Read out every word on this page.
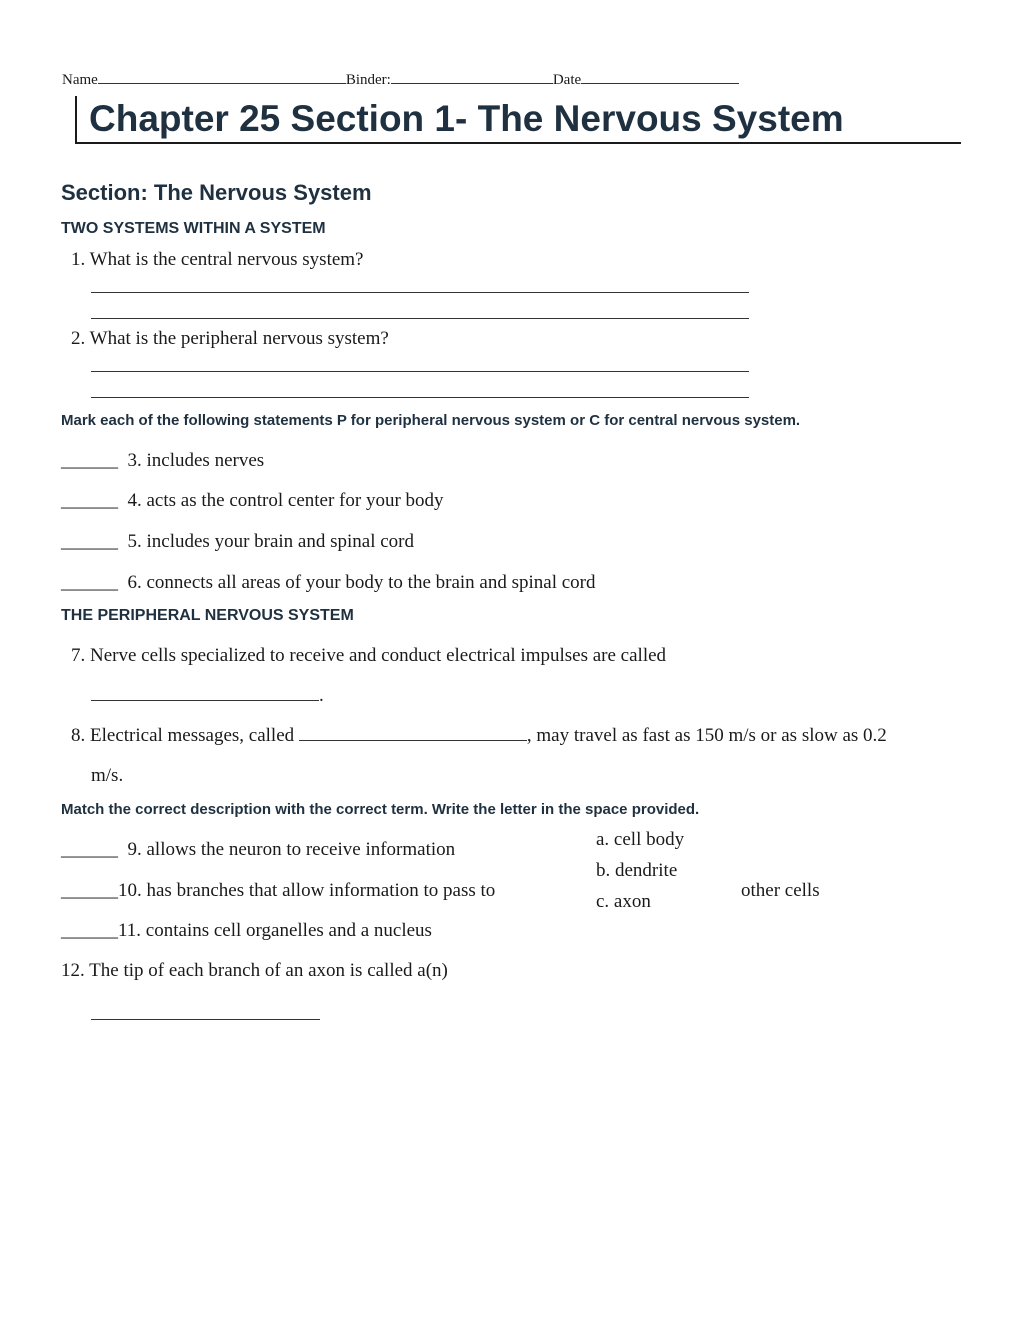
Name	Binder:	Date
Chapter 25 Section 1- The Nervous System
Section: The Nervous System
TWO SYSTEMS WITHIN A SYSTEM
1. What is the central nervous system?
2. What is the peripheral nervous system?
Mark each of the following statements P for peripheral nervous system or C for central nervous system.
______ 3. includes nerves
______ 4. acts as the control center for your body
______ 5. includes your brain and spinal cord
______ 6. connects all areas of your body to the brain and spinal cord
THE PERIPHERAL NERVOUS SYSTEM
7. Nerve cells specialized to receive and conduct electrical impulses are called
.
8. Electrical messages, called	, may travel as fast as 150 m/s or as slow as 0.2
m/s.
Match the correct description with the correct term. Write the letter in the space provided.
a. cell body
b. dendrite
c. axon
______ 9. allows the neuron to receive information
______10. has branches that allow information to pass to	other cells
______11. contains cell organelles and a nucleus
12. The tip of each branch of an axon is called a(n)
